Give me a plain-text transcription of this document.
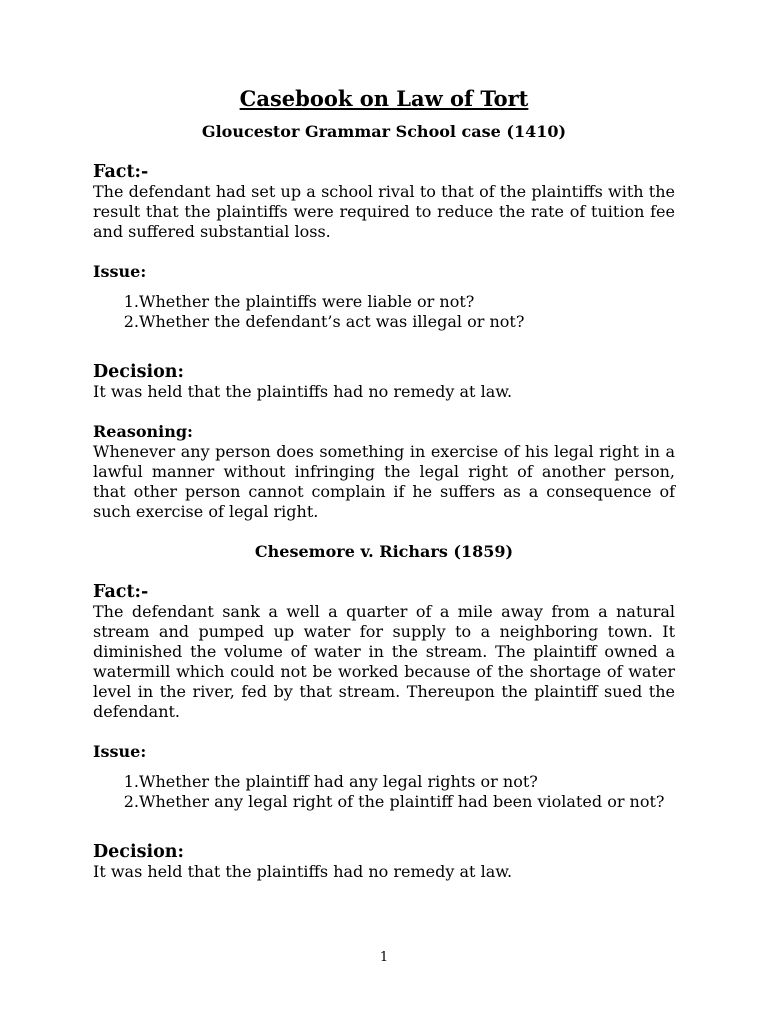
Casebook on Law of Tort
Gloucestor Grammar School case (1410)
Fact:-

The defendant had set up a school rival to that of the plaintiffs with the result that the plaintiffs were required to reduce the rate of tuition fee and suffered substantial loss.

Issue:
1. Whether the plaintiffs were liable or not?
2. Whether the defendant’s act was illegal or not?
Decision:

It was held that the plaintiffs had no remedy at law.

Reasoning:

Whenever any person does something in exercise of his legal right in a lawful manner without infringing the legal right of another person, that other person cannot complain if he suffers as a consequence of such exercise of legal right.

Chesemore v. Richars (1859)
Fact:-

The defendant sank a well a quarter of a mile away from a natural stream and pumped up water for supply to a neighboring town. It diminished the volume of water in the stream. The plaintiff owned a watermill which could not be worked because of the shortage of water level in the river, fed by that stream. Thereupon the plaintiff sued the defendant.

Issue:
1. Whether the plaintiff had any legal rights or not?
2. Whether any legal right of the plaintiff had been violated or not?
Decision:

It was held that the plaintiffs had no remedy at law.

1
